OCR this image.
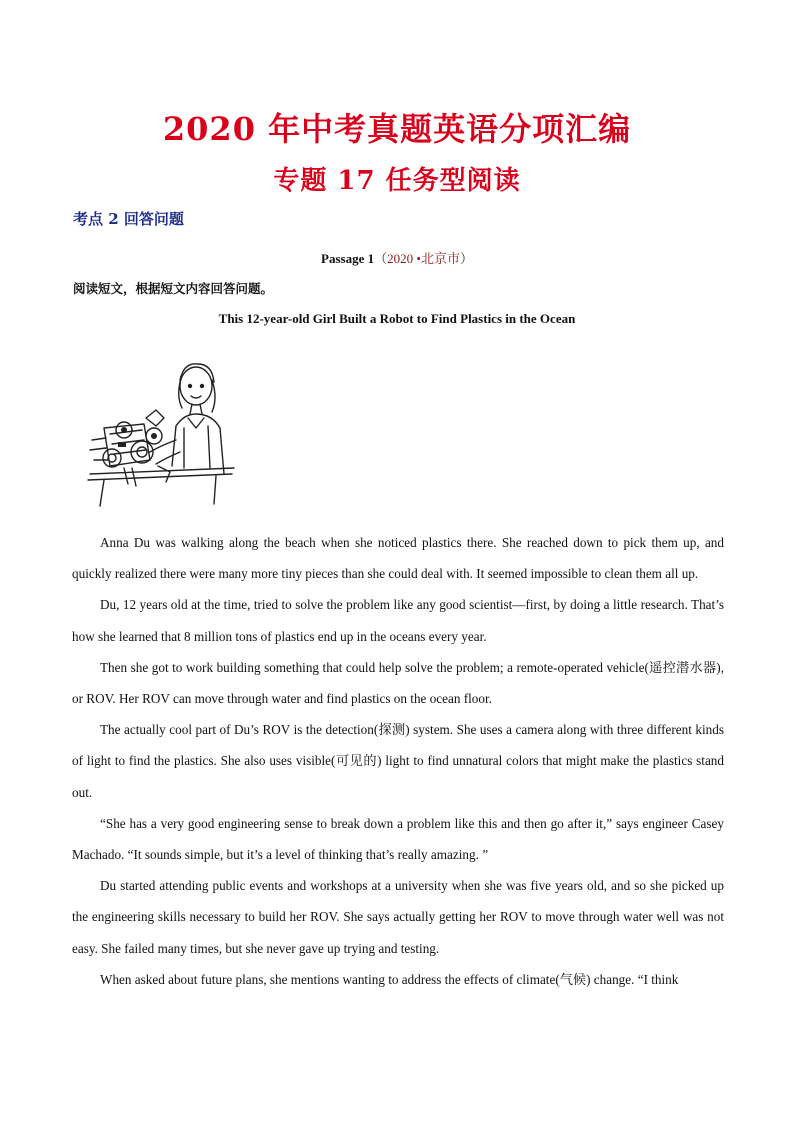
2020 年中考真题英语分项汇编
专题 17 任务型阅读
考点 2 回答问题
Passage 1（2020 •北京市）
阅读短文，根据短文内容回答问题。
This 12-year-old Girl Built a Robot to Find Plastics in the Ocean

Anna Du was walking along the beach when she noticed plastics there. She reached down to pick them up, and quickly realized there were many more tiny pieces than she could deal with. It seemed impossible to clean them all up.

Du, 12 years old at the time, tried to solve the problem like any good scientist—first, by doing a little research. That’s how she learned that 8 million tons of plastics end up in the oceans every year.

Then she got to work building something that could help solve the problem; a remote-operated vehicle(遥控潜水器), or ROV. Her ROV can move through water and find plastics on the ocean floor.

The actually cool part of Du’s ROV is the detection(探测) system. She uses a camera along with three different kinds of light to find the plastics. She also uses visible(可见的) light to find unnatural colors that might make the plastics stand out.

“She has a very good engineering sense to break down a problem like this and then go after it,” says engineer Casey Machado. “It sounds simple, but it’s a level of thinking that’s really amazing. ”

Du started attending public events and workshops at a university when she was five years old, and so she picked up the engineering skills necessary to build her ROV. She says actually getting her ROV to move through water well was not easy. She failed many times, but she never gave up trying and testing.

When asked about future plans, she mentions wanting to address the effects of climate(气候) change. “I think
